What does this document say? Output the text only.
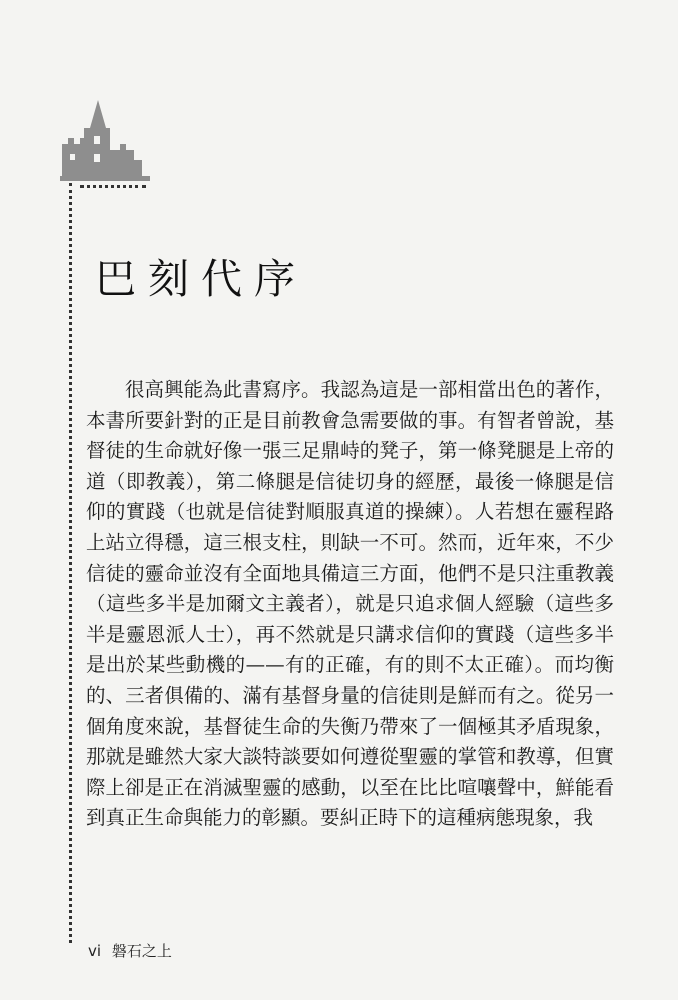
巴刻代序

很高興能為此書寫序。我認為這是一部相當出色的著作，本書所要針對的正是目前教會急需要做的事。有智者曾說，基督徒的生命就好像一張三足鼎峙的凳子，第一條凳腿是上帝的道（即教義），第二條腿是信徒切身的經歷，最後一條腿是信仰的實踐（也就是信徒對順服真道的操練）。人若想在靈程路上站立得穩，這三根支柱，則缺一不可。然而，近年來，不少信徒的靈命並沒有全面地具備這三方面，他們不是只注重教義（這些多半是加爾文主義者），就是只追求個人經驗（這些多半是靈恩派人士），再不然就是只講求信仰的實踐（這些多半是出於某些動機的——有的正確，有的則不太正確）。而均衡的、三者俱備的、滿有基督身量的信徒則是鮮而有之。從另一個角度來說，基督徒生命的失衡乃帶來了一個極其矛盾現象，那就是雖然大家大談特談要如何遵從聖靈的掌管和教導，但實際上卻是正在消滅聖靈的感動，以至在比比喧嚷聲中，鮮能看到真正生命與能力的彰顯。要糾正時下的這種病態現象，我

vi 磐石之上
